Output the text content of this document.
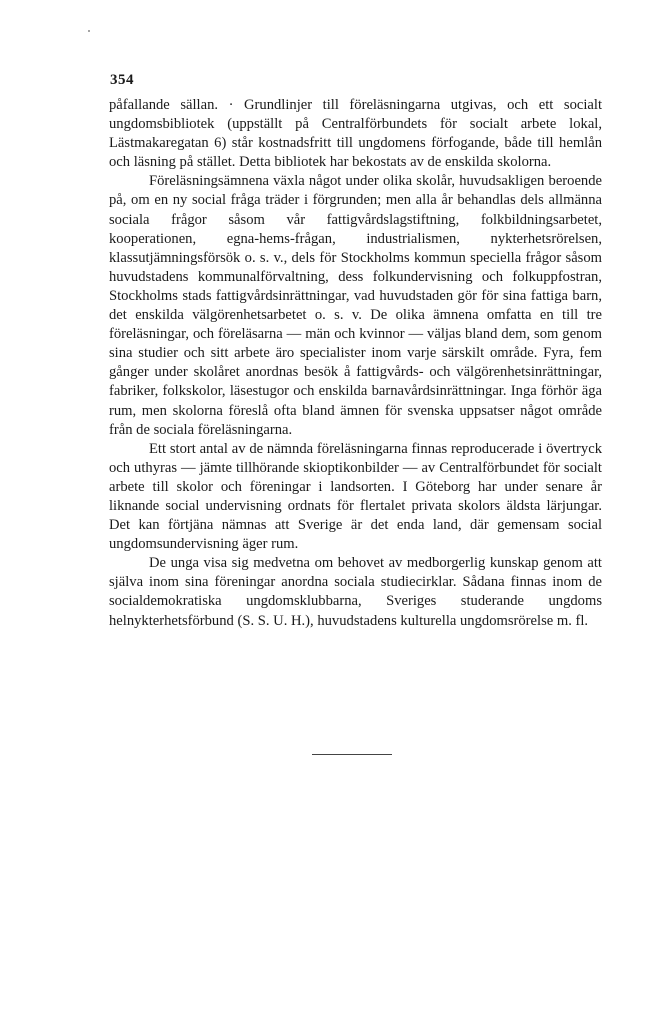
354

påfallande sällan. · Grundlinjer till föreläsningarna utgivas, och ett socialt ungdomsbibliotek (uppställt på Centralförbundets för socialt arbete lokal, Lästmakaregatan 6) står kostnadsfritt till ungdomens förfogande, både till hemlån och läsning på stället. Detta bibliotek har bekostats av de enskilda skolorna.

Föreläsningsämnena växla något under olika skolår, huvudsakligen beroende på, om en ny social fråga träder i förgrunden; men alla år behandlas dels allmänna sociala frågor såsom vår fattigvårdslagstiftning, folkbildningsarbetet, kooperationen, egna-hems-frågan, industrialismen, nykterhetsrörelsen, klassutjämningsförsök o. s. v., dels för Stockholms kommun speciella frågor såsom huvudstadens kommunalförvaltning, dess folkundervisning och folkuppfostran, Stockholms stads fattigvårdsinrättningar, vad huvudstaden gör för sina fattiga barn, det enskilda välgörenhetsarbetet o. s. v. De olika ämnena omfatta en till tre föreläsningar, och föreläsarna — män och kvinnor — väljas bland dem, som genom sina studier och sitt arbete äro specialister inom varje särskilt område. Fyra, fem gånger under skolåret anordnas besök å fattigvårds- och välgörenhetsinrättningar, fabriker, folkskolor, läsestugor och enskilda barnavårdsinrättningar. Inga förhör äga rum, men skolorna föreslå ofta bland ämnen för svenska uppsatser något område från de sociala föreläsningarna.

Ett stort antal av de nämnda föreläsningarna finnas reproducerade i övertryck och uthyras — jämte tillhörande skioptikonbilder — av Centralförbundet för socialt arbete till skolor och föreningar i landsorten. I Göteborg har under senare år liknande social undervisning ordnats för flertalet privata skolors äldsta lärjungar. Det kan förtjäna nämnas att Sverige är det enda land, där gemensam social ungdomsundervisning äger rum.

De unga visa sig medvetna om behovet av medborgerlig kunskap genom att själva inom sina föreningar anordna sociala studiecirklar. Sådana finnas inom de socialdemokratiska ungdomsklubbarna, Sveriges studerande ungdoms helnykterhetsförbund (S. S. U. H.), huvudstadens kulturella ungdomsrörelse m. fl.
